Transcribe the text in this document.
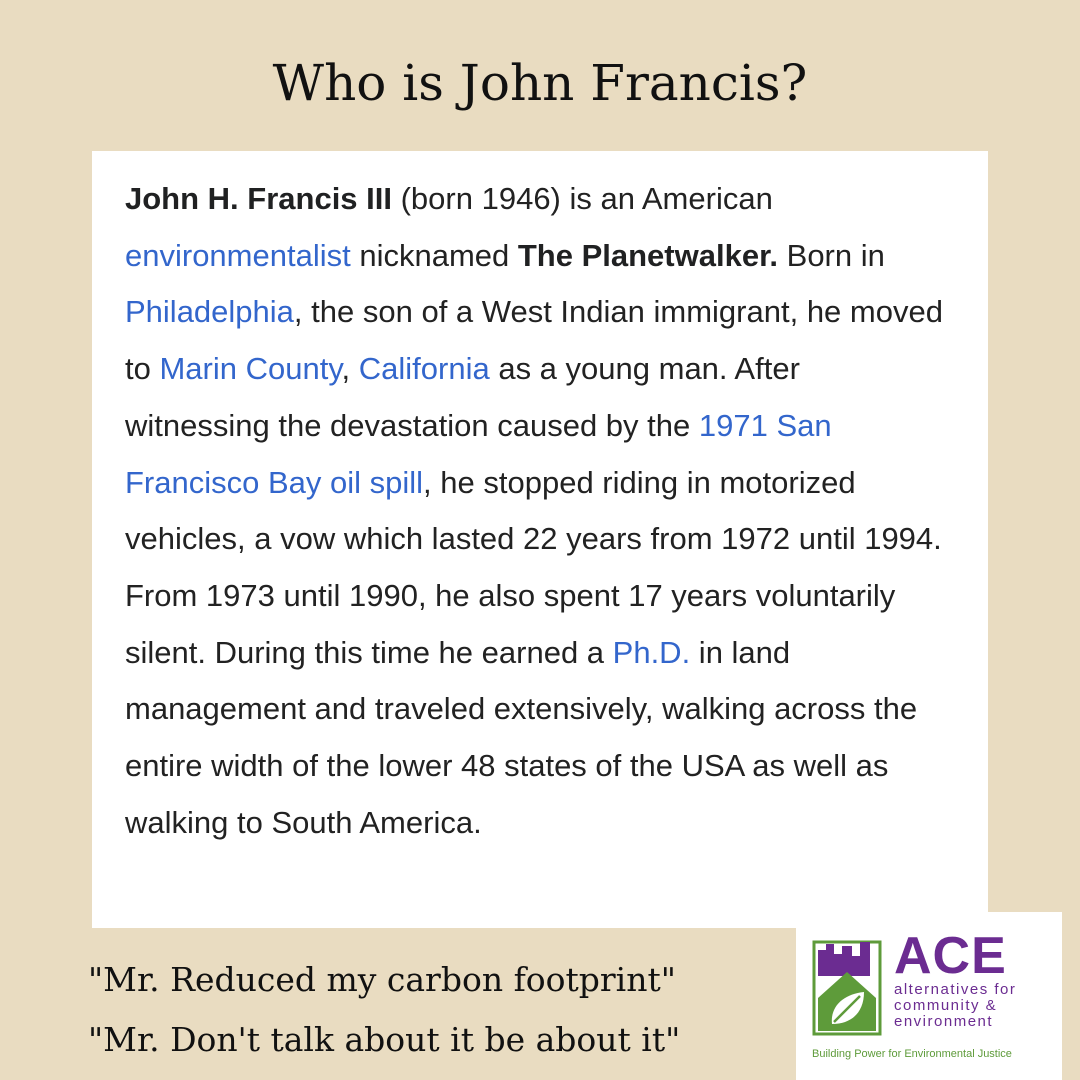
Who is John Francis?
John H. Francis III (born 1946) is an American environmentalist nicknamed The Planetwalker. Born in Philadelphia, the son of a West Indian immigrant, he moved to Marin County, California as a young man. After witnessing the devastation caused by the 1971 San Francisco Bay oil spill, he stopped riding in motorized vehicles, a vow which lasted 22 years from 1972 until 1994. From 1973 until 1990, he also spent 17 years voluntarily silent. During this time he earned a Ph.D. in land management and traveled extensively, walking across the entire width of the lower 48 states of the USA as well as walking to South America.
"Mr. Reduced my carbon footprint"
"Mr. Don't talk about it be about it"
ACE
alternatives for
community &
environment
Building Power for Environmental Justice
